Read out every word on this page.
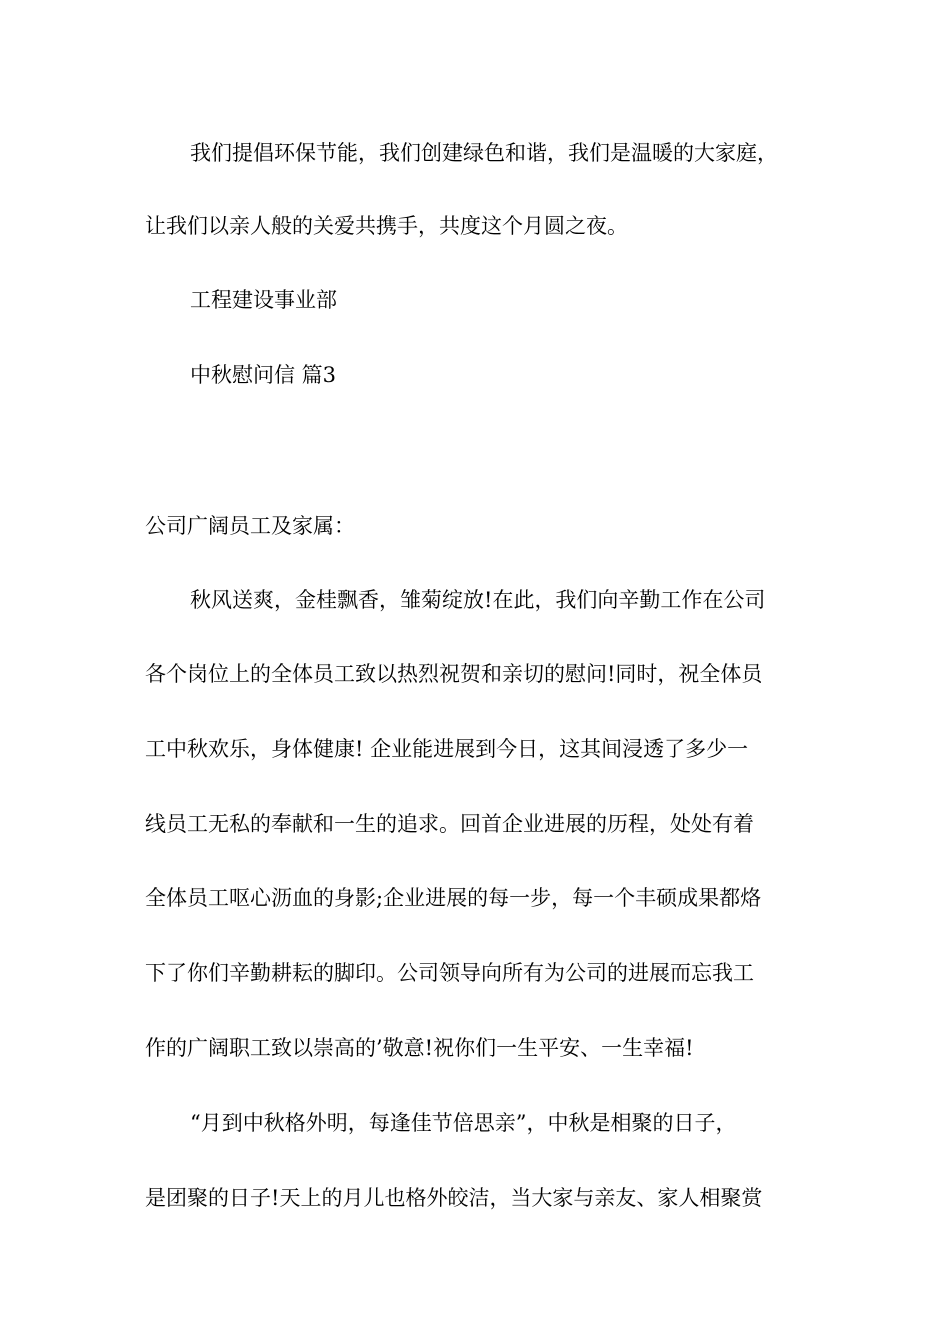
我们提倡环保节能，我们创建绿色和谐，我们是温暖的大家庭，
让我们以亲人般的关爱共携手，共度这个月圆之夜。
工程建设事业部
中秋慰问信 篇3
公司广阔员工及家属：
秋风送爽，金桂飘香，雏菊绽放!在此，我们向辛勤工作在公司
各个岗位上的全体员工致以热烈祝贺和亲切的慰问!同时，祝全体员
工中秋欢乐，身体健康! 企业能进展到今日，这其间浸透了多少一
线员工无私的奉献和一生的追求。回首企业进展的历程，处处有着
全体员工呕心沥血的身影;企业进展的每一步，每一个丰硕成果都烙
下了你们辛勤耕耘的脚印。公司领导向所有为公司的进展而忘我工
作的广阔职工致以崇高的’敬意!祝你们一生平安、一生幸福!
“月到中秋格外明，每逢佳节倍思亲”，中秋是相聚的日子，
是团聚的日子!天上的月儿也格外皎洁，当大家与亲友、家人相聚赏
